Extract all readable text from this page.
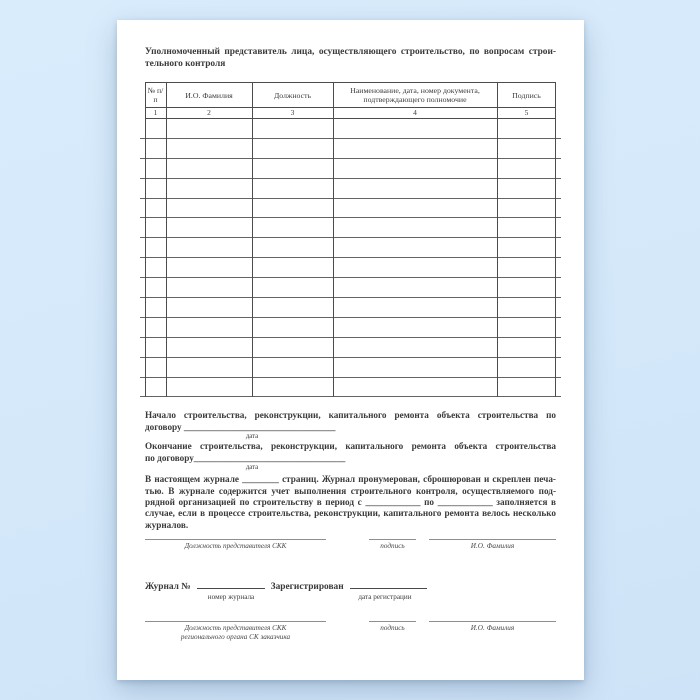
Уполномоченный представитель лица, осуществляющего строительство, по вопросам строи-
тельного контроля
№ п/п	И.О. Фамилия	Должность	Наименование, дата, номер документа, подтверждающего полномочие	Подпись
1	2	3	4	5
Начало строительства, реконструкции, капитального ремонта объекта строительства по
договору _________________________________
дата
Окончание строительства, реконструкции, капитального ремонта объекта строительства
по договору_________________________________
дата
В настоящем журнале ________ страниц. Журнал пронумерован, сброшюрован и скреплен печа-
тью. В журнале содержится учет выполнения строительного контроля, осуществляемого под-
рядной организацией по строительству в период с ____________ по ____________ заполняется в
случае, если в процессе строительства, реконструкции, капитального ремонта велось несколько
журналов.
Должность представителя СКК	подпись	И.О. Фамилия
Журнал №	Зарегистрирован
номер журнала	дата регистрации
Должность представителя СКК
регионального органа СК заказчика
подпись	И.О. Фамилия
